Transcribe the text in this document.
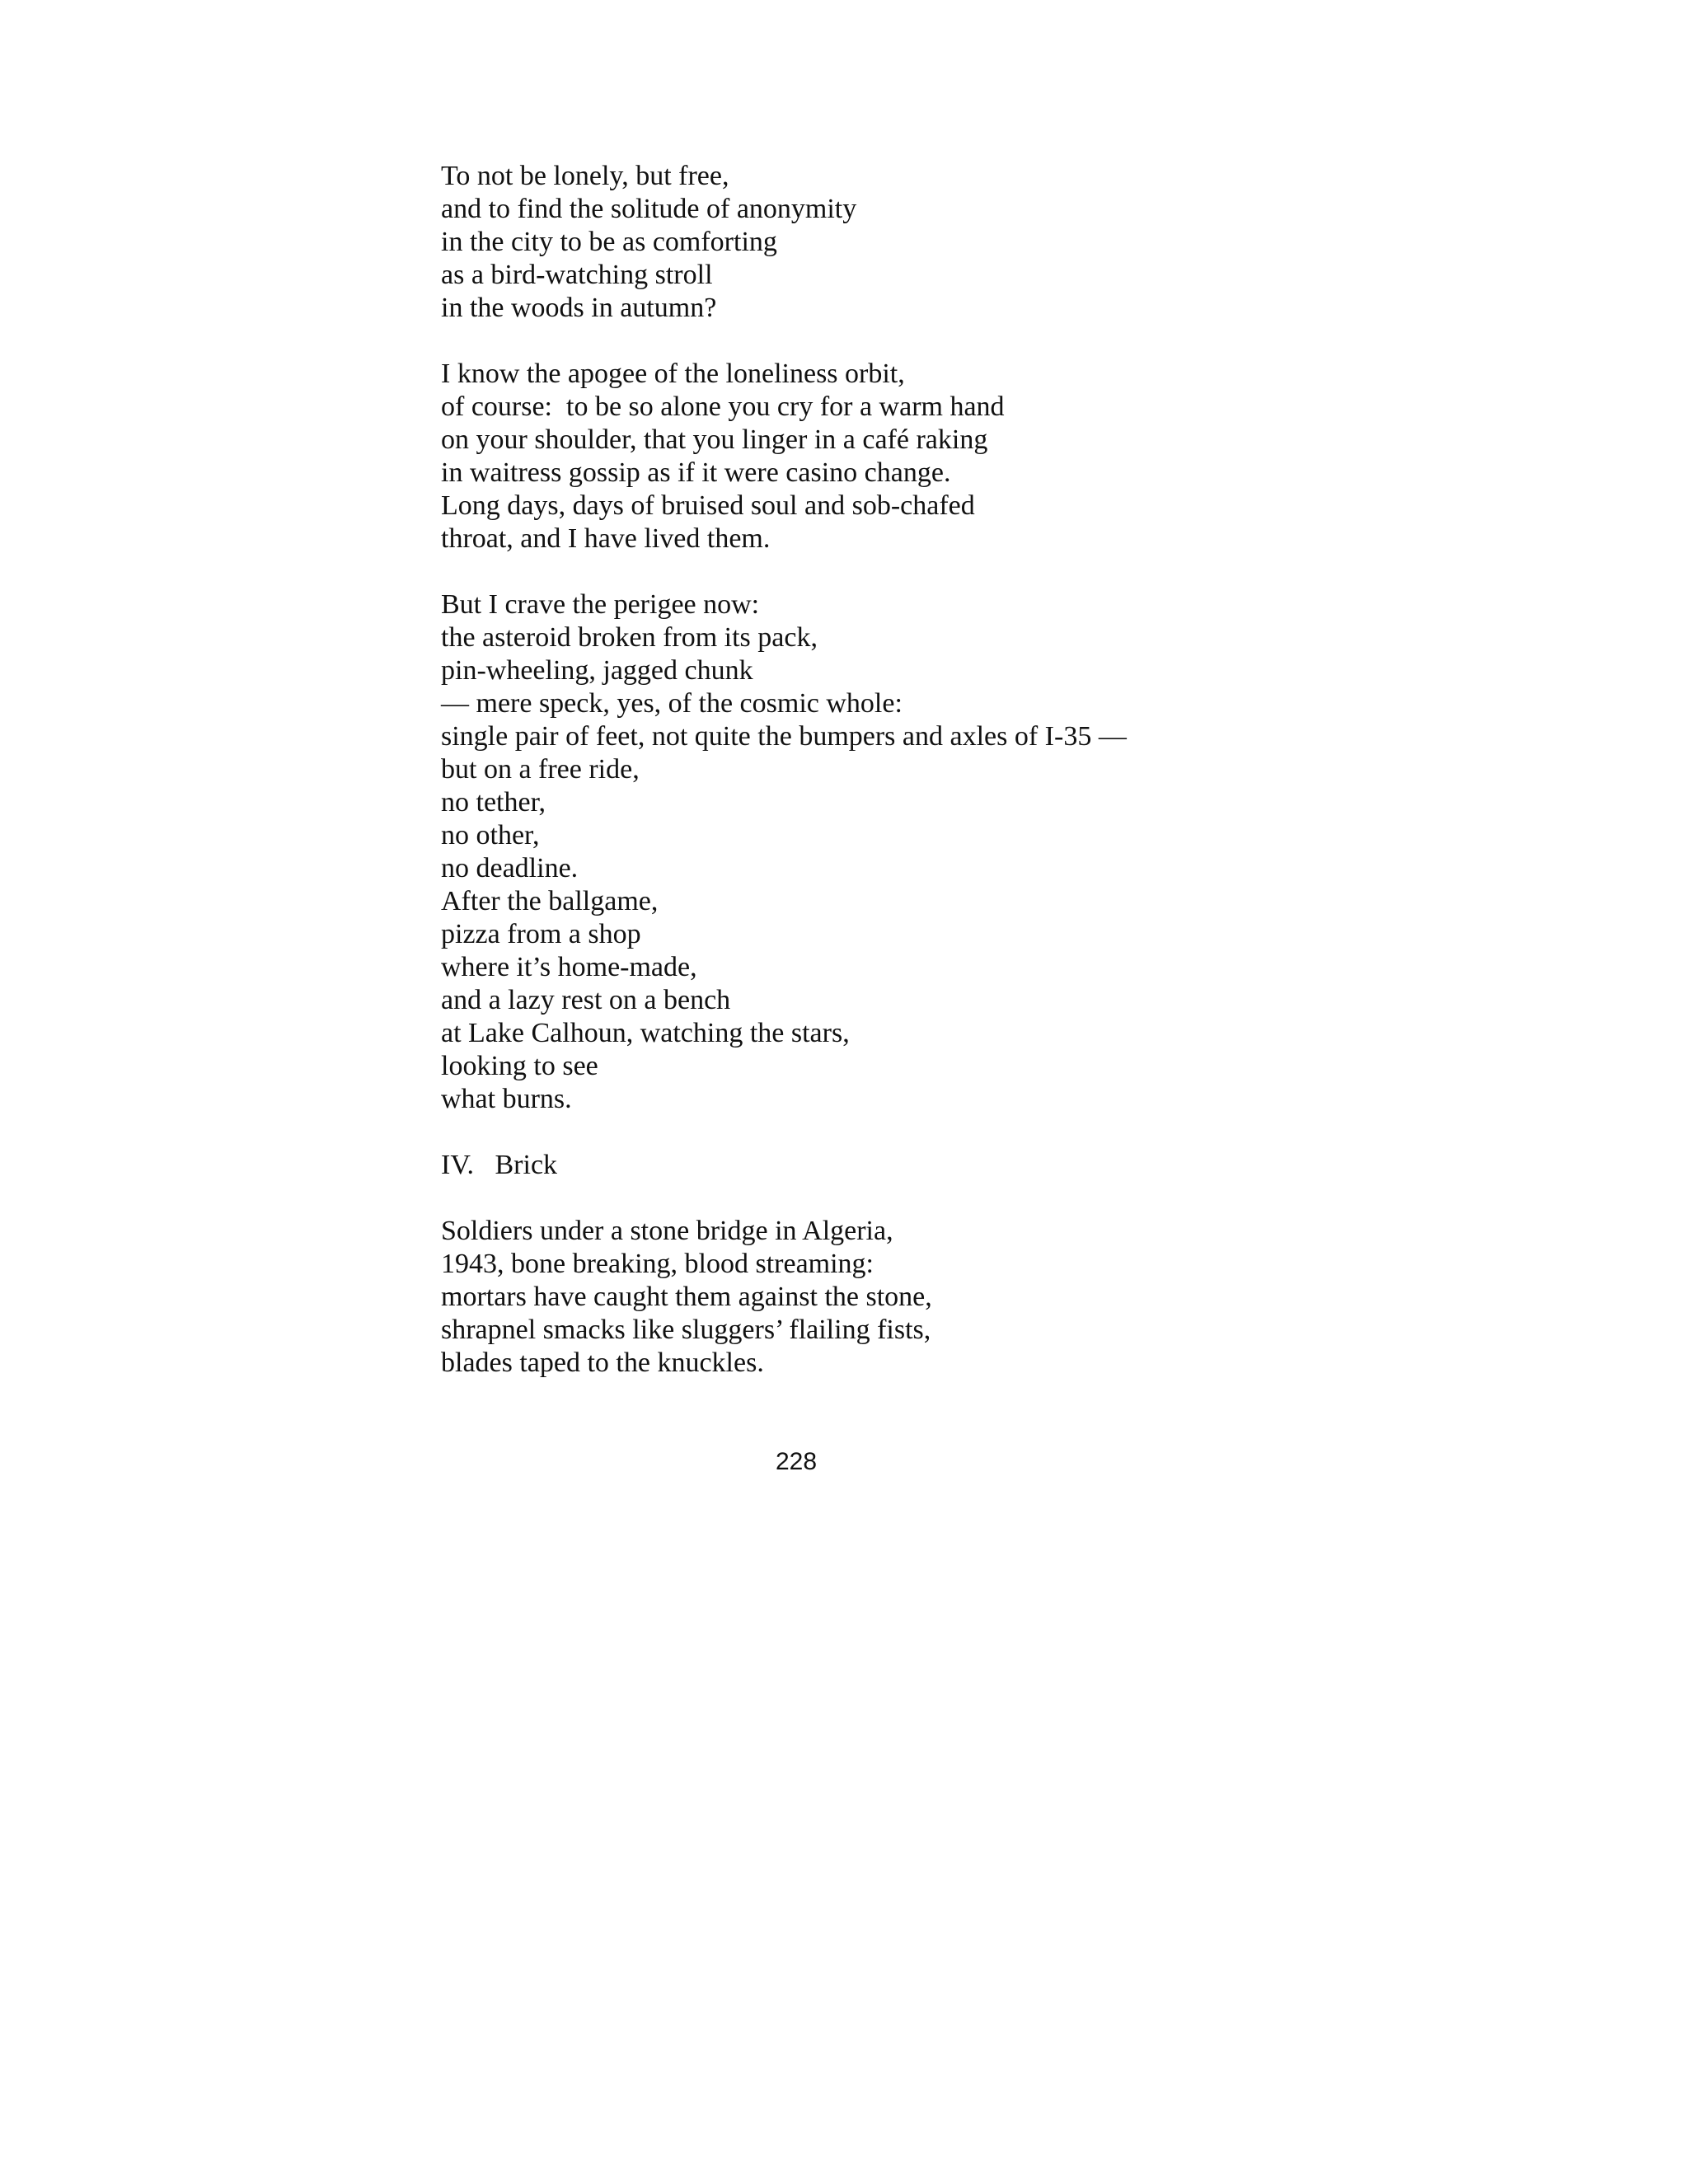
To not be lonely, but free,
and to find the solitude of anonymity
in the city to be as comforting
as a bird-watching stroll
in the woods in autumn?
I know the apogee of the loneliness orbit,
of course:  to be so alone you cry for a warm hand
on your shoulder, that you linger in a café raking
in waitress gossip as if it were casino change.
Long days, days of bruised soul and sob-chafed
throat, and I have lived them.
But I crave the perigee now:
the asteroid broken from its pack,
pin-wheeling, jagged chunk
— mere speck, yes, of the cosmic whole:
single pair of feet, not quite the bumpers and axles of I-35 —
but on a free ride,
no tether,
no other,
no deadline.
After the ballgame,
pizza from a shop
where it’s home-made,
and a lazy rest on a bench
at Lake Calhoun, watching the stars,
looking to see
what burns.
IV.   Brick
Soldiers under a stone bridge in Algeria,
1943, bone breaking, blood streaming:
mortars have caught them against the stone,
shrapnel smacks like sluggers’ flailing fists,
blades taped to the knuckles.
228
